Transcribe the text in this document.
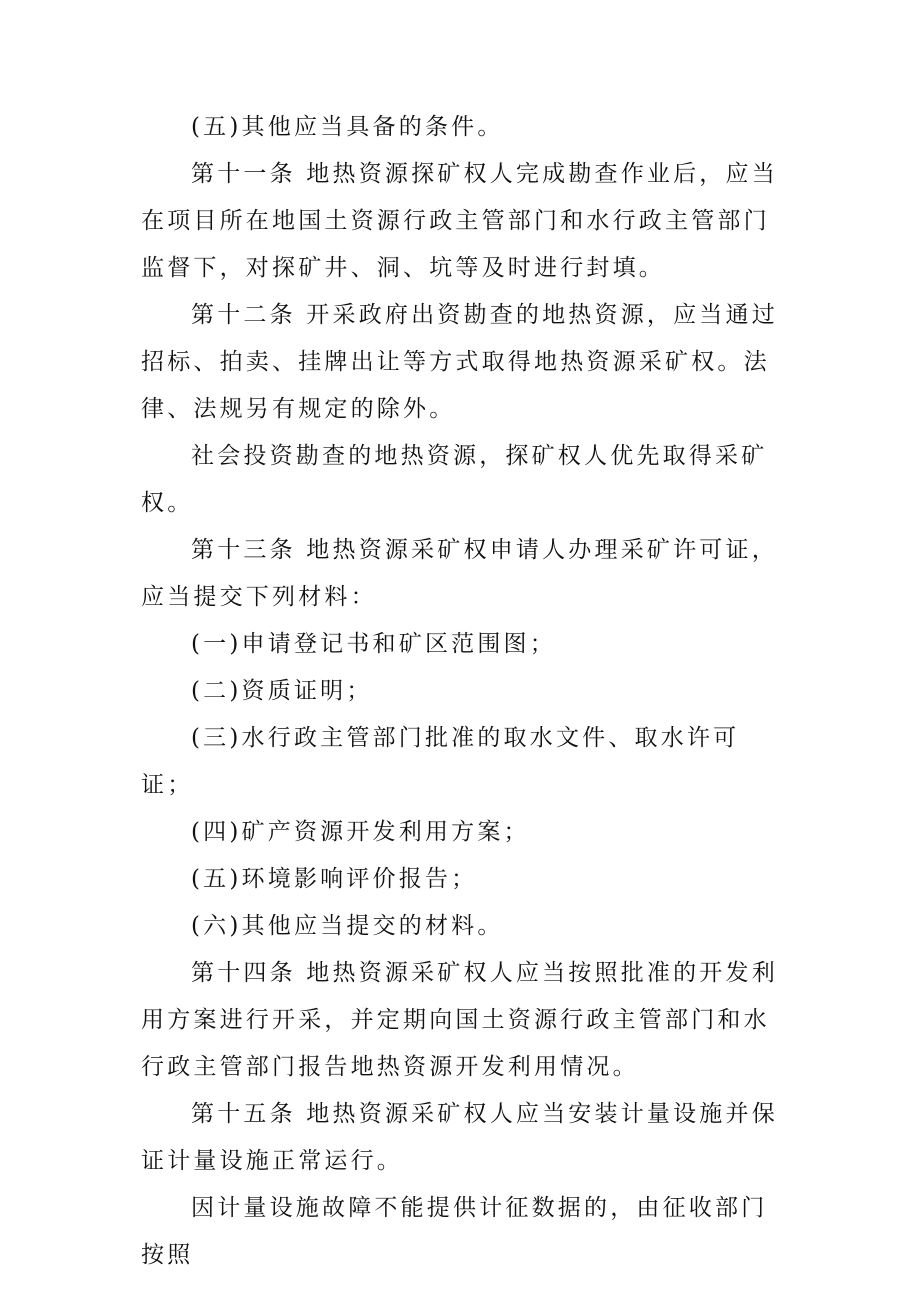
(五)其他应当具备的条件。

第十一条 地热资源探矿权人完成勘查作业后，应当在项目所在地国土资源行政主管部门和水行政主管部门监督下，对探矿井、洞、坑等及时进行封填。

第十二条 开采政府出资勘查的地热资源，应当通过招标、拍卖、挂牌出让等方式取得地热资源采矿权。法律、法规另有规定的除外。

社会投资勘查的地热资源，探矿权人优先取得采矿权。

第十三条 地热资源采矿权申请人办理采矿许可证，应当提交下列材料：

(一)申请登记书和矿区范围图；

(二)资质证明；

(三)水行政主管部门批准的取水文件、取水许可证；

(四)矿产资源开发利用方案；

(五)环境影响评价报告；

(六)其他应当提交的材料。

第十四条 地热资源采矿权人应当按照批准的开发利用方案进行开采，并定期向国土资源行政主管部门和水行政主管部门报告地热资源开发利用情况。

第十五条 地热资源采矿权人应当安装计量设施并保证计量设施正常运行。

因计量设施故障不能提供计征数据的，由征收部门按照
